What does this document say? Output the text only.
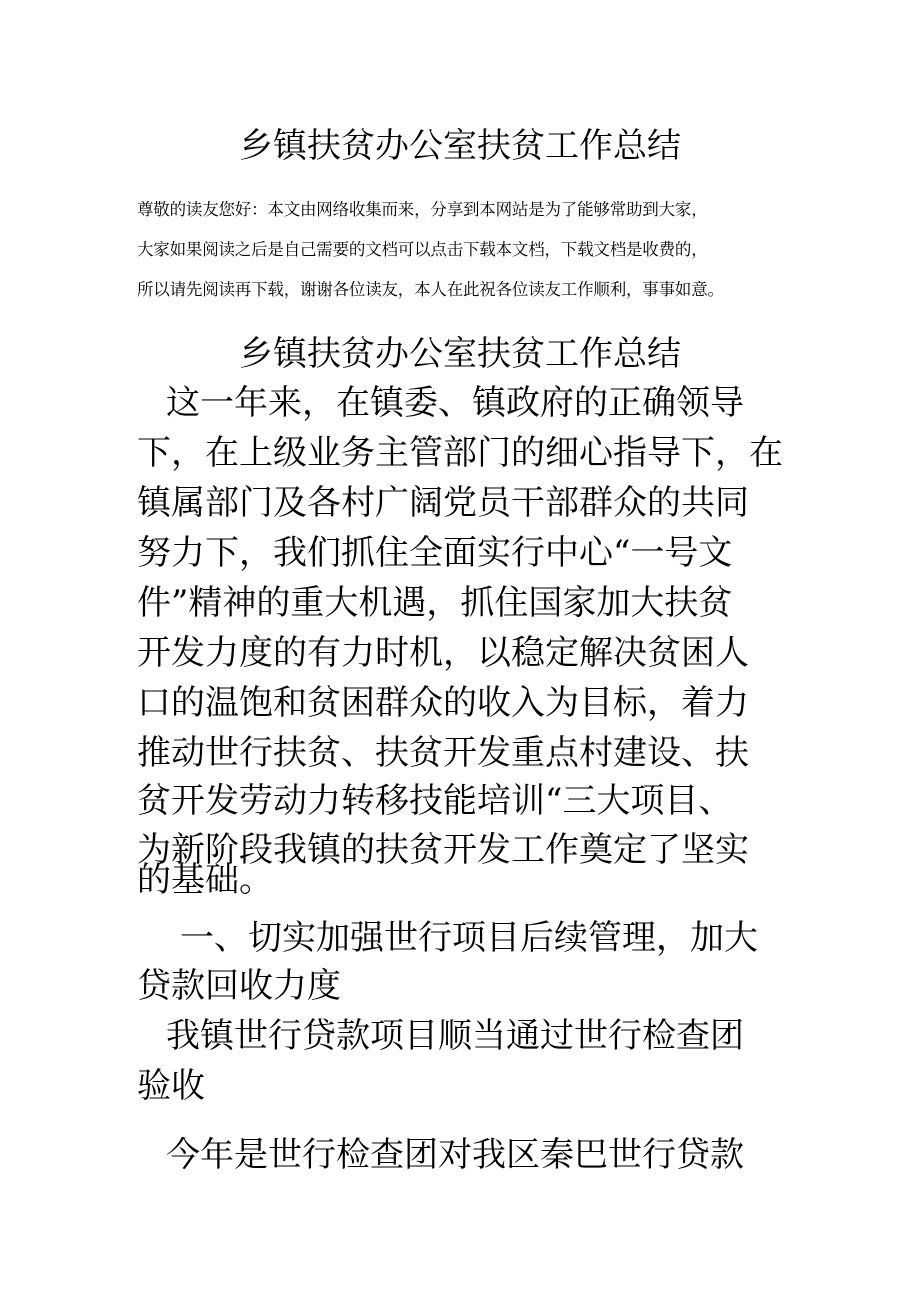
乡镇扶贫办公室扶贫工作总结
尊敬的读友您好：本文由网络收集而来，分享到本网站是为了能够常助到大家，
大家如果阅读之后是自己需要的文档可以点击下载本文档，下载文档是收费的，
所以请先阅读再下载，谢谢各位读友，本人在此祝各位读友工作顺利，事事如意。
乡镇扶贫办公室扶贫工作总结
这一年来，在镇委、镇政府的正确领导
下，在上级业务主管部门的细心指导下，在
镇属部门及各村广阔党员干部群众的共同
努力下，我们抓住全面实行中心“一号文
件”精神的重大机遇，抓住国家加大扶贫
开发力度的有力时机，以稳定解决贫困人
口的温饱和贫困群众的收入为目标，着力
推动世行扶贫、扶贫开发重点村建设、扶
贫开发劳动力转移技能培训“三大项目、
为新阶段我镇的扶贫开发工作奠定了坚实
的基础。
一、切实加强世行项目后续管理，加大
贷款回收力度
我镇世行贷款项目顺当通过世行检查团
验收
今年是世行检查团对我区秦巴世行贷款
